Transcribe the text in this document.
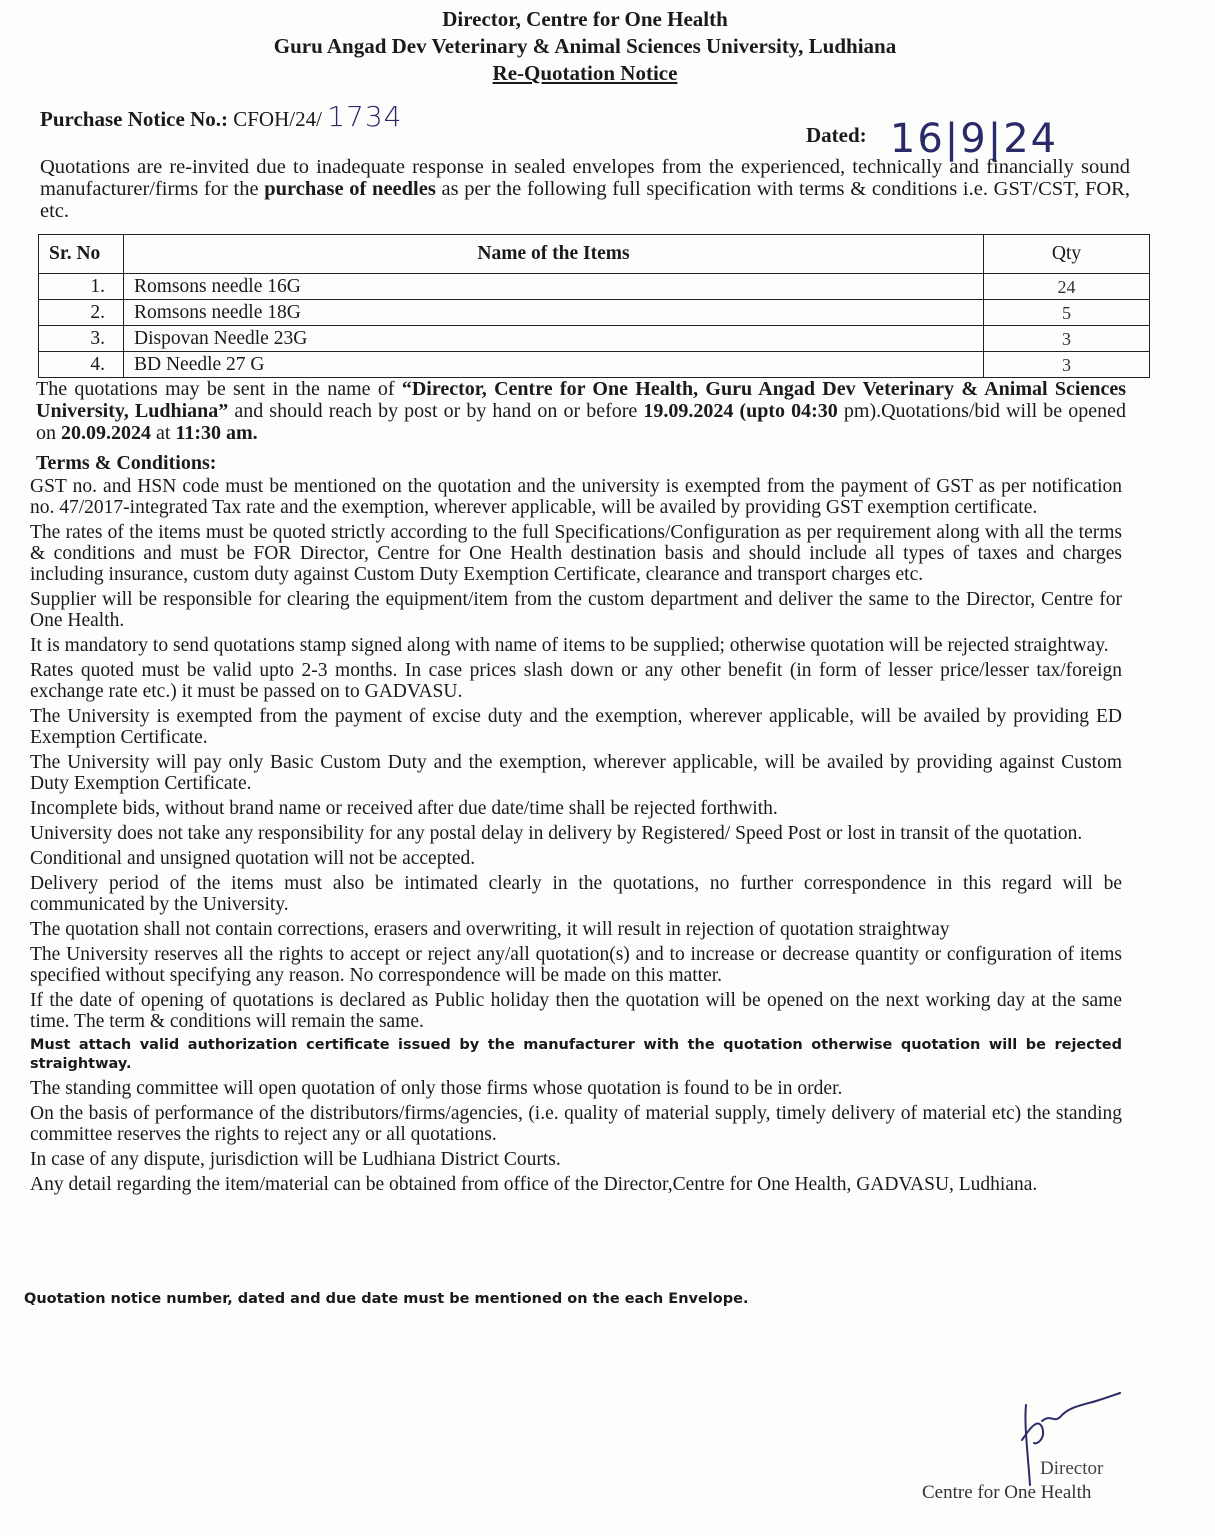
Director, Centre for One Health
Guru Angad Dev Veterinary & Animal Sciences University, Ludhiana
Re-Quotation Notice
Purchase Notice No.: CFOH/24/ 1734
Dated: 16|9|24
Quotations are re-invited due to inadequate response in sealed envelopes from the experienced, technically and financially sound manufacturer/firms for the purchase of needles as per the following full specification with terms & conditions i.e. GST/CST, FOR, etc.
Sr. No	Name of the Items	Qty
1.	Romsons needle 16G	24
2.	Romsons needle 18G	5
3.	Dispovan Needle 23G	3
4.	BD Needle 27 G	3
The quotations may be sent in the name of “Director, Centre for One Health, Guru Angad Dev Veterinary & Animal Sciences University, Ludhiana” and should reach by post or by hand on or before 19.09.2024 (upto 04:30 pm).Quotations/bid will be opened on 20.09.2024 at 11:30 am.
Terms & Conditions:
GST no. and HSN code must be mentioned on the quotation and the university is exempted from the payment of GST as per notification no. 47/2017-integrated Tax rate and the exemption, wherever applicable, will be availed by providing GST exemption certificate.
The rates of the items must be quoted strictly according to the full Specifications/Configuration as per requirement along with all the terms & conditions and must be FOR Director, Centre for One Health destination basis and should include all types of taxes and charges including insurance, custom duty against Custom Duty Exemption Certificate, clearance and transport charges etc.
Supplier will be responsible for clearing the equipment/item from the custom department and deliver the same to the Director, Centre for One Health.
It is mandatory to send quotations stamp signed along with name of items to be supplied; otherwise quotation will be rejected straightway.
Rates quoted must be valid upto 2-3 months. In case prices slash down or any other benefit (in form of lesser price/lesser tax/foreign exchange rate etc.) it must be passed on to GADVASU.
The University is exempted from the payment of excise duty and the exemption, wherever applicable, will be availed by providing ED Exemption Certificate.
The University will pay only Basic Custom Duty and the exemption, wherever applicable, will be availed by providing against Custom Duty Exemption Certificate.
Incomplete bids, without brand name or received after due date/time shall be rejected forthwith.
University does not take any responsibility for any postal delay in delivery by Registered/ Speed Post or lost in transit of the quotation.
Conditional and unsigned quotation will not be accepted.
Delivery period of the items must also be intimated clearly in the quotations, no further correspondence in this regard will be communicated by the University.
The quotation shall not contain corrections, erasers and overwriting, it will result in rejection of quotation straightway
The University reserves all the rights to accept or reject any/all quotation(s) and to increase or decrease quantity or configuration of items specified without specifying any reason. No correspondence will be made on this matter.
If the date of opening of quotations is declared as Public holiday then the quotation will be opened on the next working day at the same time. The term & conditions will remain the same.
Must attach valid authorization certificate issued by the manufacturer with the quotation otherwise quotation will be rejected straightway.
The standing committee will open quotation of only those firms whose quotation is found to be in order.
On the basis of performance of the distributors/firms/agencies, (i.e. quality of material supply, timely delivery of material etc) the standing committee reserves the rights to reject any or all quotations.
In case of any dispute, jurisdiction will be Ludhiana District Courts.
Any detail regarding the item/material can be obtained from office of the Director,Centre for One Health, GADVASU, Ludhiana.
Quotation notice number, dated and due date must be mentioned on the each Envelope.
Director
Centre for One Health
